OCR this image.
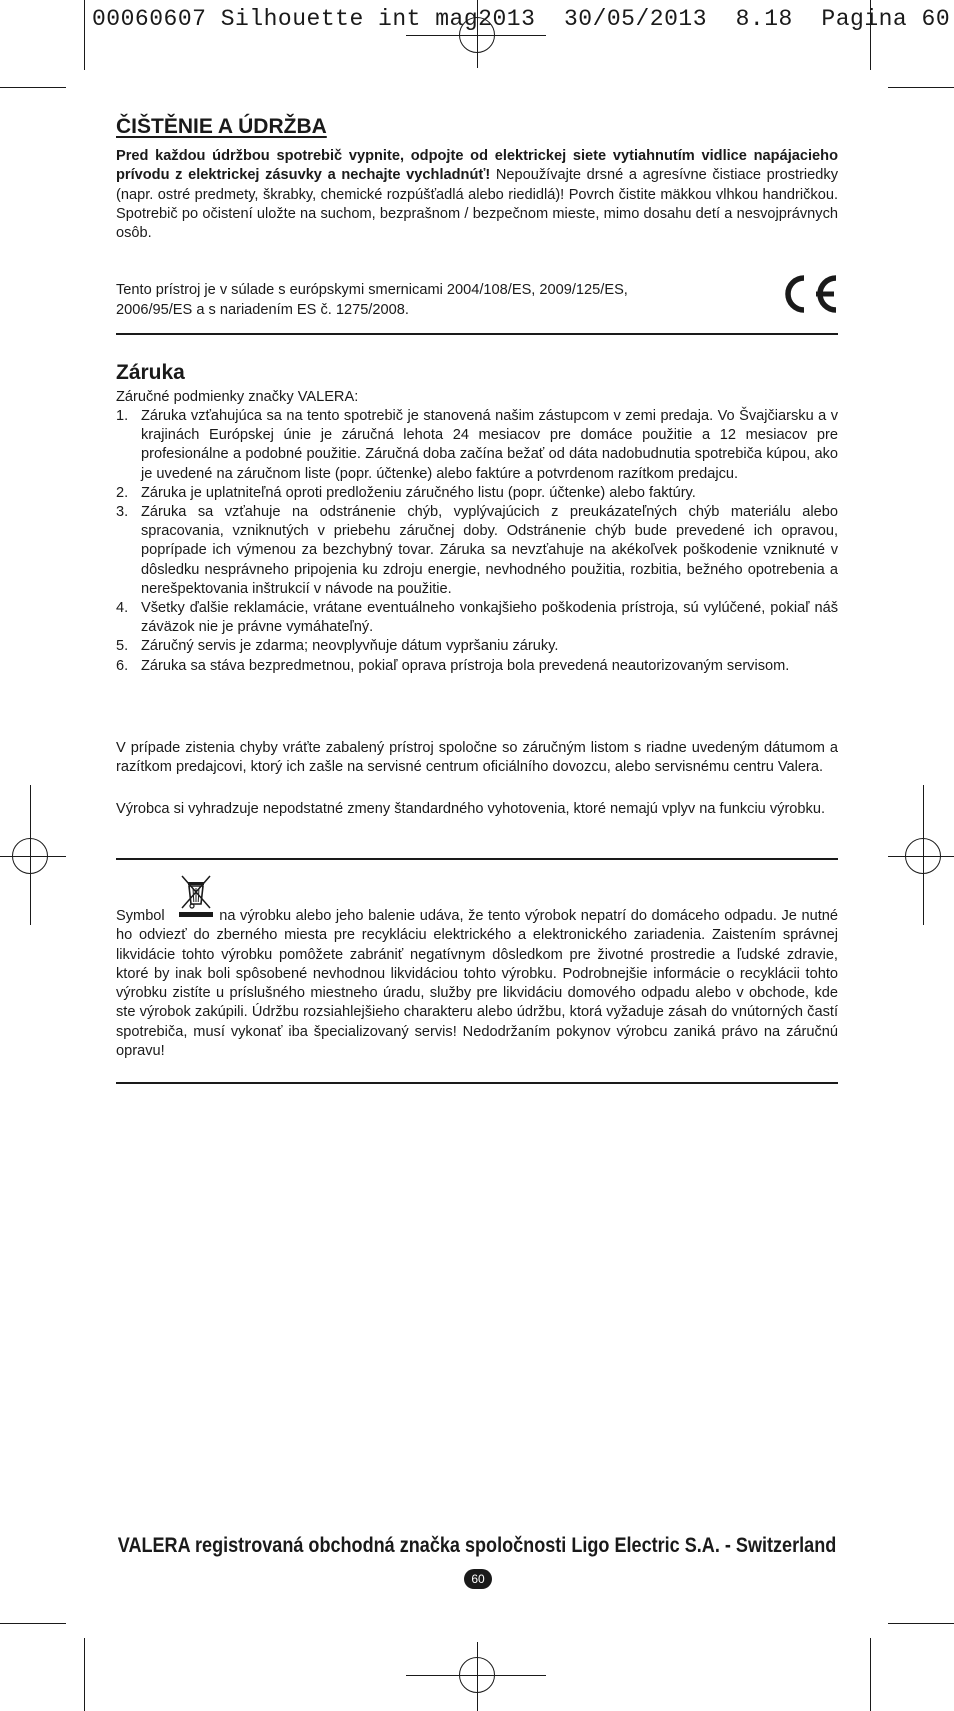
00060607 Silhouette int mag2013  30/05/2013  8.18  Pagina 60
ČIŠTĚNIE A ÚDRŽBA

Pred každou údržbou spotrebič vypnite, odpojte od elektrickej siete vytiahnutím vidlice napájacieho prívodu z elektrickej zásuvky a nechajte vychladnúť! Nepoužívajte drsné a agresívne čistiace prostriedky (napr. ostré predmety, škrabky, chemické rozpúšťadlá alebo riedidlá)! Povrch čistite mäkkou vlhkou handričkou. Spotrebič po očistení uložte na suchom, bezprašnom / bezpečnom mieste, mimo dosahu detí a nesvojprávnych osôb.

Tento prístroj je v súlade s európskymi smernicami 2004/108/ES, 2009/125/ES, 2006/95/ES a s nariadením ES č. 1275/2008.

Záruka

Záručné podmienky značky VALERA:

1. Záruka vzťahujúca sa na tento spotrebič je stanovená našim zástupcom v zemi predaja. Vo Švajčiarsku a v krajinách Európskej únie je záručná lehota 24 mesiacov pre domáce použitie a 12 mesiacov pre profesionálne a podobné použitie. Záručná doba začína bežať od dáta nadobudnutia spotrebiča kúpou, ako je uvedené na záručnom liste (popr. účtenke) alebo faktúre a potvrdenom razítkom predajcu.
2. Záruka je uplatniteľná oproti predloženiu záručného listu (popr. účtenke) alebo faktúry.
3. Záruka sa vzťahuje na odstránenie chýb, vyplývajúcich z preukázateľných chýb materiálu alebo spracovania, vzniknutých v priebehu záručnej doby. Odstránenie chýb bude prevedené ich opravou, poprípade ich výmenou za bezchybný tovar. Záruka sa nevzťahuje na akékoľvek poškodenie vzniknuté v dôsledku nesprávneho pripojenia ku zdroju energie, nevhodného použitia, rozbitia, bežného opotrebenia a nerešpektovania inštrukcií v návode na použitie.
4. Všetky ďalšie reklamácie, vrátane eventuálneho vonkajšieho poškodenia prístroja, sú vylúčené, pokiaľ náš záväzok nie je právne vymáhateľný.
5. Záručný servis je zdarma; neovplyvňuje dátum vypršaniu záruky.
6. Záruka sa stáva bezpredmetnou, pokiaľ oprava prístroja bola prevedená neautorizovaným servisom.

V prípade zistenia chyby vráťte zabalený prístroj spoločne so záručným listom s riadne uvedeným dátumom a razítkom predajcovi, ktorý ich zašle na servisné centrum oficiálního dovozcu, alebo servisnému centru Valera.

Výrobca si vyhradzuje nepodstatné zmeny štandardného vyhotovenia, ktoré nemajú vplyv na funkciu výrobku.

Symbol	na výrobku alebo jeho balenie udáva, že tento výrobok nepatrí do domáceho odpadu. Je nutné ho odviezť do zberného miesta pre recykláciu elektrického a elektronického zariadenia. Zaistením správnej likvidácie tohto výrobku pomôžete zabrániť negatívnym dôsledkom pre životné prostredie a ľudské zdravie, ktoré by inak boli spôsobené nevhodnou likvidáciou tohto výrobku. Podrobnejšie informácie o recyklácii tohto výrobku zistíte u príslušného miestneho úradu, služby pre likvidáciu domového odpadu alebo v obchode, kde ste výrobok zakúpili. Údržbu rozsiahlejšieho charakteru alebo údržbu, ktorá vyžaduje zásah do vnútorných častí spotrebiča, musí vykonať iba špecializovaný servis! Nedodržaním pokynov výrobcu zaniká právo na záručnú opravu!

VALERA registrovaná obchodná značka spoločnosti Ligo Electric S.A. - Switzerland
60
